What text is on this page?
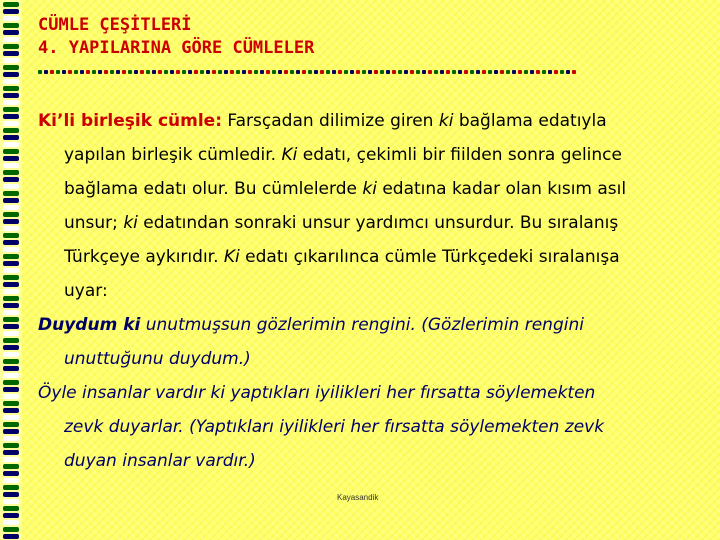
CÜMLE ÇEŞİTLERİ
4. YAPILARINA GÖRE CÜMLELER
Ki’li birleşik cümle: Farsçadan dilimize giren ki bağlama edatıyla
yapılan birleşik cümledir. Ki edatı, çekimli bir fiilden sonra gelince
bağlama edatı olur. Bu cümlelerde ki edatına kadar olan kısım asıl
unsur; ki edatından sonraki unsur yardımcı unsurdur. Bu sıralanış
Türkçeye aykırıdır. Ki edatı çıkarılınca cümle Türkçedeki sıralanışa
uyar:
Duydum ki unutmuşsun gözlerimin rengini. (Gözlerimin rengini
unuttuğunu duydum.)
Öyle insanlar vardır ki yaptıkları iyilikleri her fırsatta söylemekten
zevk duyarlar. (Yaptıkları iyilikleri her fırsatta söylemekten zevk
duyan insanlar vardır.)
Kayasandik
